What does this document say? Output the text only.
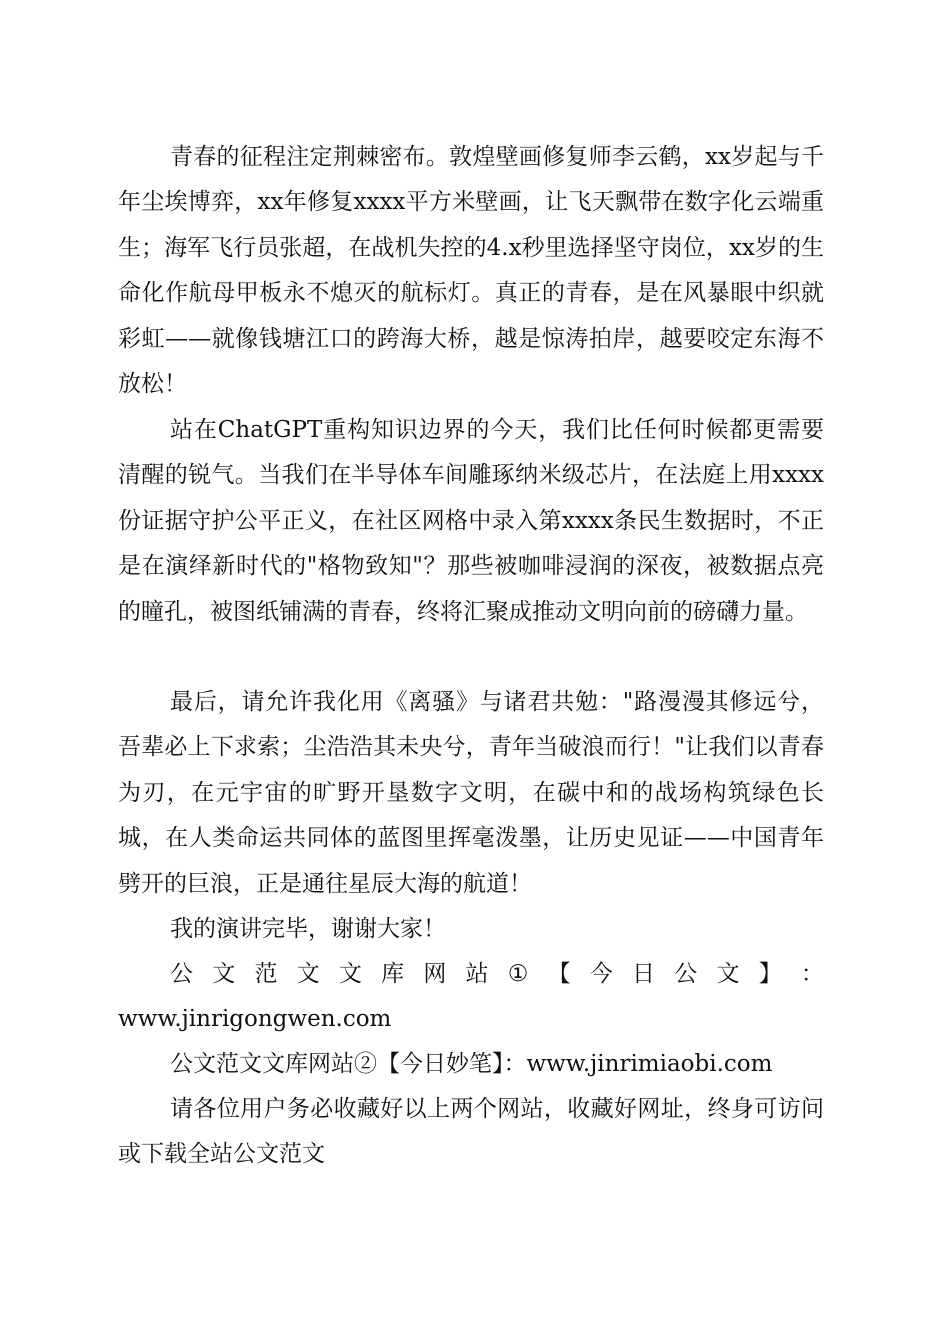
青春的征程注定荆棘密布。敦煌壁画修复师李云鹤，xx岁起与千年尘埃博弈，xx年修复xxxx平方米壁画，让飞天飘带在数字化云端重生；海军飞行员张超，在战机失控的4.x秒里选择坚守岗位，xx岁的生命化作航母甲板永不熄灭的航标灯。真正的青春，是在风暴眼中织就彩虹——就像钱塘江口的跨海大桥，越是惊涛拍岸，越要咬定东海不放松！

站在ChatGPT重构知识边界的今天，我们比任何时候都更需要清醒的锐气。当我们在半导体车间雕琢纳米级芯片，在法庭上用xxxx份证据守护公平正义，在社区网格中录入第xxxx条民生数据时，不正是在演绎新时代的"格物致知"？那些被咖啡浸润的深夜，被数据点亮的瞳孔，被图纸铺满的青春，终将汇聚成推动文明向前的磅礴力量。

最后，请允许我化用《离骚》与诸君共勉："路漫漫其修远兮，吾辈必上下求索；尘浩浩其未央兮，青年当破浪而行！"让我们以青春为刃，在元宇宙的旷野开垦数字文明，在碳中和的战场构筑绿色长城，在人类命运共同体的蓝图里挥毫泼墨，让历史见证——中国青年劈开的巨浪，正是通往星辰大海的航道！

我的演讲完毕，谢谢大家！

公 文 范 文 文 库 网 站 ① 【 今 日 公 文 】 ：

www.jinrigongwen.com

公文范文文库网站②【今日妙笔】：www.jinrimiaobi.com

请各位用户务必收藏好以上两个网站，收藏好网址，终身可访问或下载全站公文范文
